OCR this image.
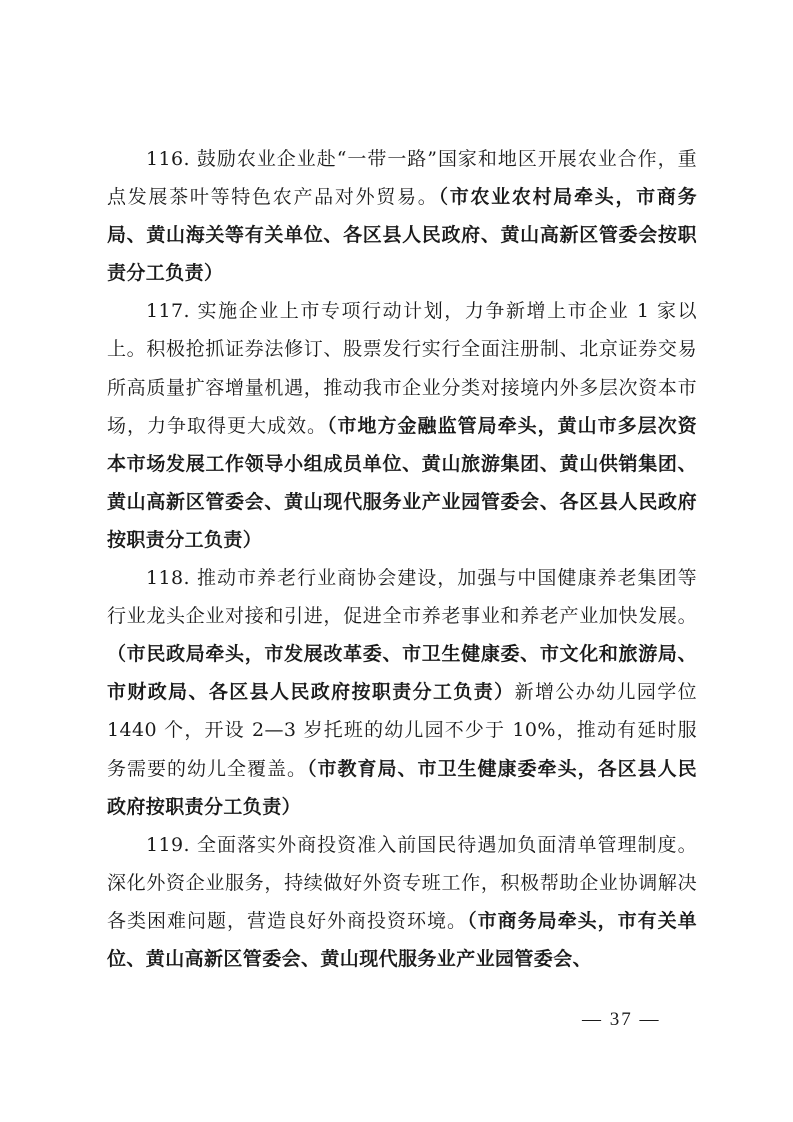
116. 鼓励农业企业赴“一带一路”国家和地区开展农业合作，重点发展茶叶等特色农产品对外贸易。（市农业农村局牵头，市商务局、黄山海关等有关单位、各区县人民政府、黄山高新区管委会按职责分工负责）

117. 实施企业上市专项行动计划，力争新增上市企业 1 家以上。积极抢抓证券法修订、股票发行实行全面注册制、北京证券交易所高质量扩容增量机遇，推动我市企业分类对接境内外多层次资本市场，力争取得更大成效。（市地方金融监管局牵头，黄山市多层次资本市场发展工作领导小组成员单位、黄山旅游集团、黄山供销集团、黄山高新区管委会、黄山现代服务业产业园管委会、各区县人民政府按职责分工负责）

118. 推动市养老行业商协会建设，加强与中国健康养老集团等行业龙头企业对接和引进，促进全市养老事业和养老产业加快发展。（市民政局牵头，市发展改革委、市卫生健康委、市文化和旅游局、市财政局、各区县人民政府按职责分工负责）新增公办幼儿园学位 1440 个，开设 2—3 岁托班的幼儿园不少于 10%，推动有延时服务需要的幼儿全覆盖。（市教育局、市卫生健康委牵头，各区县人民政府按职责分工负责）

119. 全面落实外商投资准入前国民待遇加负面清单管理制度。深化外资企业服务，持续做好外资专班工作，积极帮助企业协调解决各类困难问题，营造良好外商投资环境。（市商务局牵头，市有关单位、黄山高新区管委会、黄山现代服务业产业园管委会、

— 37 —
